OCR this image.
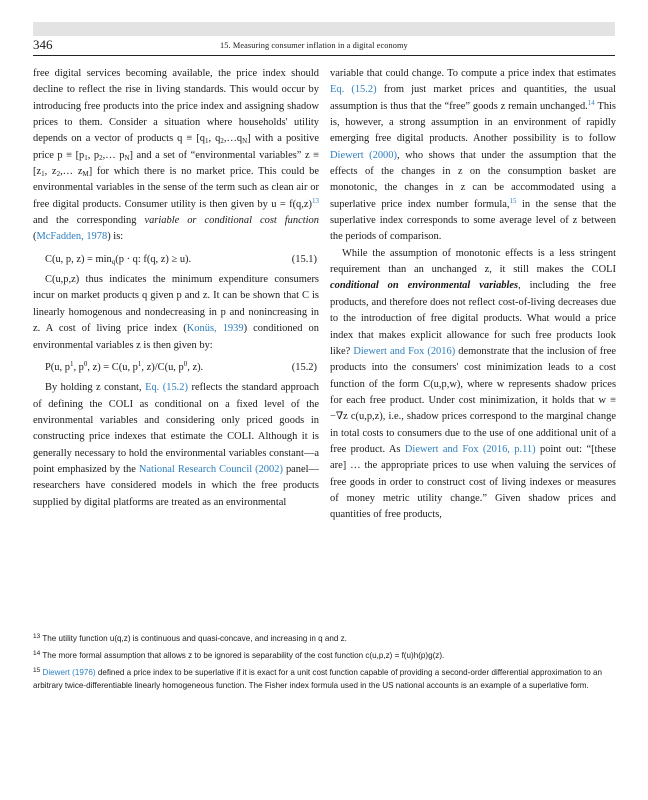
346	15. Measuring consumer inflation in a digital economy

free digital services becoming available, the price index should decline to reflect the rise in living standards. This would occur by introducing free products into the price index and assigning shadow prices to them. Consider a situation where households' utility depends on a vector of products $q \equiv [q_1$, $q_2,\dots q_N$] with a positive price $p \equiv [p_1$, $p_2,\dots$ $p_N$] and a set of “environmental variables” $z \equiv [z_1$, $z_2,\dots$ $z_M$] for which there is no market price. This could be environmental variables in the sense of the term such as clean air or free digital products. Consumer utility is then given by $u = f(q,z)^{13}$ and the corresponding variable or conditional cost function (McFadden, 1978) is:

C(u, p, $z) = \min_q(p \cdot q$: f(q, z) ≥ u).	(15.1)

C(u,p,z) thus indicates the minimum expenditure consumers incur on market products q given p and z. It can be shown that C is linearly homogenous and nondecreasing in p and nonincreasing in z. A cost of living price index (Konüs, 1939) conditioned on environmental variables z is then given by:

P(u, $p^1$, $p^0$, z) = C(u, $p^1$, z)/C(u, $p^0$, z).	(15.2)

By holding z constant, Eq. (15.2) reflects the standard approach of defining the COLI as conditional on a fixed level of the environmental variables and considering only priced goods in constructing price indexes that estimate the COLI. Although it is generally necessary to hold the environmental variables constant—a point emphasized by the National Research Council (2002) panel—researchers have considered models in which the free products supplied by digital platforms are treated as an environmental

variable that could change. To compute a price index that estimates Eq. (15.2) from just market prices and quantities, the usual assumption is thus that the “free” goods z remain unchanged.$^{14}$ This is, however, a strong assumption in an environment of rapidly emerging free digital products. Another possibility is to follow Diewert (2000), who shows that under the assumption that the effects of the changes in z on the consumption basket are monotonic, the changes in z can be accommodated using a superlative price index number formula,$^{15}$ in the sense that the superlative index corresponds to some average level of z between the periods of comparison.

While the assumption of monotonic effects is a less stringent requirement than an unchanged z, it still makes the COLI conditional on environmental variables, including the free products, and therefore does not reflect cost-of-living decreases due to the introduction of free digital products. What would a price index that makes explicit allowance for such free products look like? Diewert and Fox (2016) demonstrate that the inclusion of free products into the consumers' cost minimization leads to a cost function of the form C(u,p,w), where w represents shadow prices for each free product. Under cost minimization, it holds that w ≡ −∇z c(u,p,z), i.e., shadow prices correspond to the marginal change in total costs to consumers due to the use of one additional unit of a free product. As Diewert and Fox (2016, p.11) point out: “[these are] … the appropriate prices to use when valuing the services of free goods in order to construct cost of living indexes or measures of money metric utility change.” Given shadow prices and quantities of free products,

$^{13}$ The utility function u(q,z) is continuous and quasi-concave, and increasing in q and z.

$^{14}$ The more formal assumption that allows z to be ignored is separability of the cost function c(u,p,z) = f(u)h(p)g(z).

$^{15}$ Diewert (1976) defined a price index to be superlative if it is exact for a unit cost function capable of providing a second-order differential approximation to an arbitrary twice-differentiable linearly homogeneous function. The Fisher index formula used in the US national accounts is an example of a superlative form.
